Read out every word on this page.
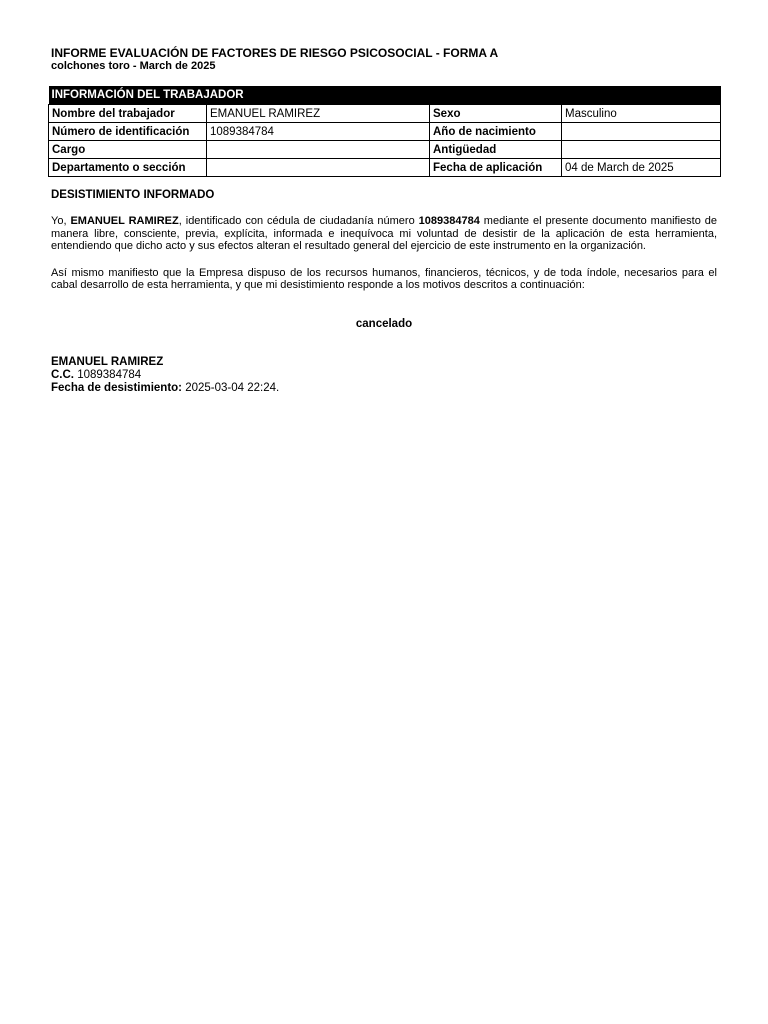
INFORME EVALUACIÓN DE FACTORES DE RIESGO PSICOSOCIAL - FORMA A
colchones toro - March de 2025
INFORMACIÓN DEL TRABAJADOR			
Nombre del trabajador	EMANUEL RAMIREZ	Sexo	Masculino
Número de identificación	1089384784	Año de nacimiento	
Cargo		Antigüedad	
Departamento o sección		Fecha de aplicación	04 de March de 2025
DESISTIMIENTO INFORMADO

Yo, EMANUEL RAMIREZ, identificado con cédula de ciudadanía número 1089384784 mediante el presente documento manifiesto de manera libre, consciente, previa, explícita, informada e inequívoca mi voluntad de desistir de la aplicación de esta herramienta, entendiendo que dicho acto y sus efectos alteran el resultado general del ejercicio de este instrumento en la organización.

Así mismo manifiesto que la Empresa dispuso de los recursos humanos, financieros, técnicos, y de toda índole, necesarios para el cabal desarrollo de esta herramienta, y que mi desistimiento responde a los motivos descritos a continuación:

cancelado
EMANUEL RAMIREZ
C.C. 1089384784
Fecha de desistimiento: 2025-03-04 22:24.
